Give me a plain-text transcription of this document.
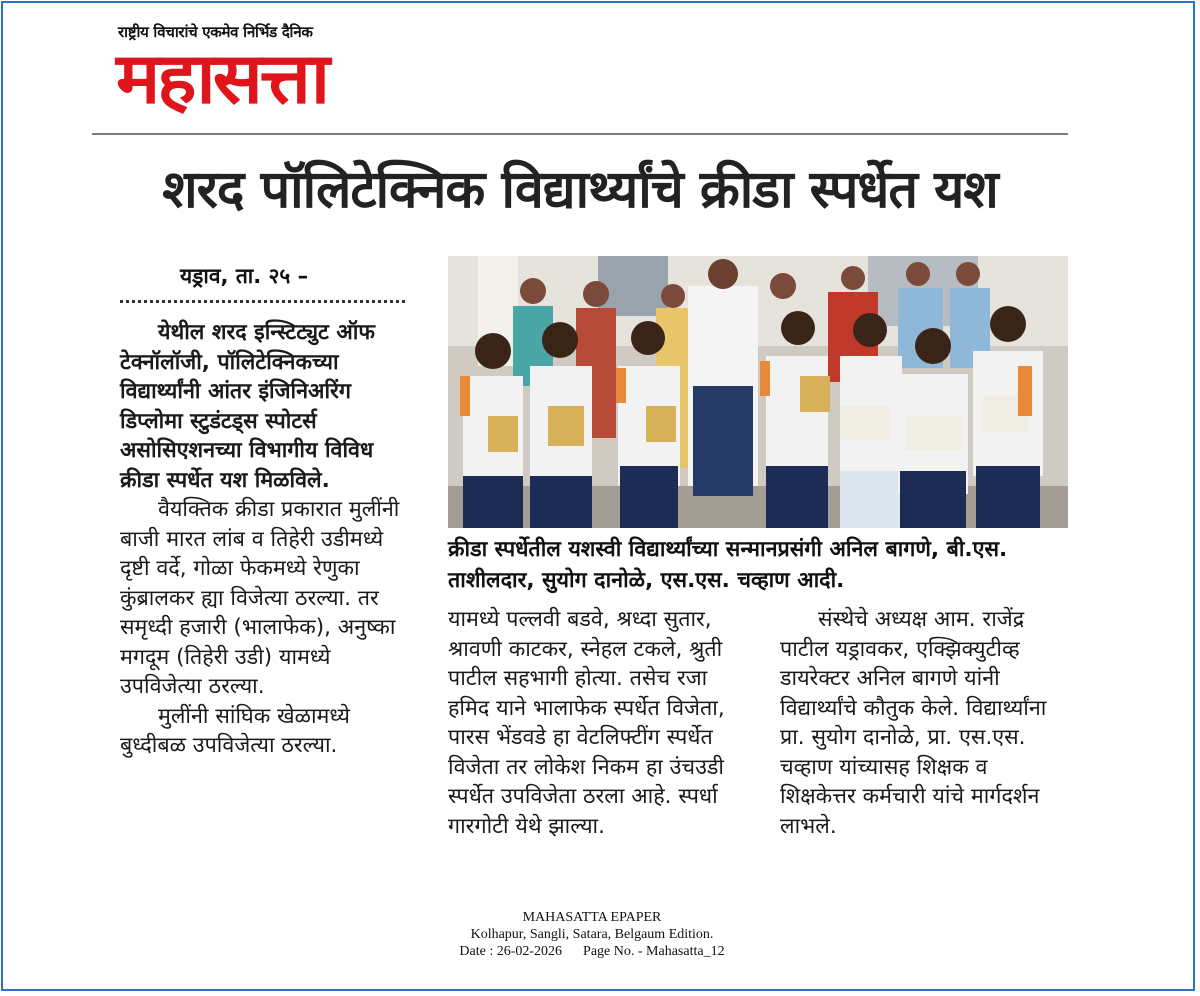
राष्ट्रीय विचारांचे एकमेव निर्भिड दैनिक
महासत्ता
शरद पॉलिटेक्निक विद्यार्थ्यांचे क्रीडा स्पर्धेत यश
यड्राव, ता. २५ –

येथील शरद इन्स्टिट्युट ऑफ टेक्नॉलॉजी, पॉलिटेक्निकच्या विद्यार्थ्यांनी आंतर इंजिनिअरिंग डिप्लोमा स्टुडंटड्स स्पोटर्स असोसिएशनच्या विभागीय विविध क्रीडा स्पर्धेत यश मिळविले.

वैयक्तिक क्रीडा प्रकारात मुलींनी बाजी मारत लांब व तिहेरी उडीमध्ये दृष्टी वर्दे, गोळा फेकमध्ये रेणुका कुंब्रालकर ह्या विजेत्या ठरल्या. तर समृध्दी हजारी (भालाफेक), अनुष्का मगदूम (तिहेरी उडी) यामध्ये उपविजेत्या ठरल्या.

मुलींनी सांघिक खेळामध्ये बुध्दीबळ उपविजेत्या ठरल्या.

क्रीडा स्पर्धेतील यशस्वी विद्यार्थ्यांच्या सन्मानप्रसंगी अनिल बागणे, बी.एस. ताशीलदार, सुयोग दानोळे, एस.एस. चव्हाण आदी.

यामध्ये पल्लवी बडवे, श्रध्दा सुतार, श्रावणी काटकर, स्नेहल टकले, श्रुती पाटील सहभागी होत्या. तसेच रजा हमिद याने भालाफेक स्पर्धेत विजेता, पारस भेंडवडे हा वेटलिफ्टींग स्पर्धेत विजेता तर लोकेश निकम हा उंचउडी स्पर्धेत उपविजेता ठरला आहे. स्पर्धा गारगोटी येथे झाल्या.

संस्थेचे अध्यक्ष आम. राजेंद्र पाटील यड्रावकर, एक्झिक्युटीव्ह डायरेक्टर अनिल बागणे यांनी विद्यार्थ्यांचे कौतुक केले. विद्यार्थ्यांना प्रा. सुयोग दानोळे, प्रा. एस.एस. चव्हाण यांच्यासह शिक्षक व शिक्षकेत्तर कर्मचारी यांचे मार्गदर्शन लाभले.

MAHASATTA EPAPER
Kolhapur, Sangli, Satara, Belgaum Edition.
Date : 26-02-2026      Page No. - Mahasatta_12
